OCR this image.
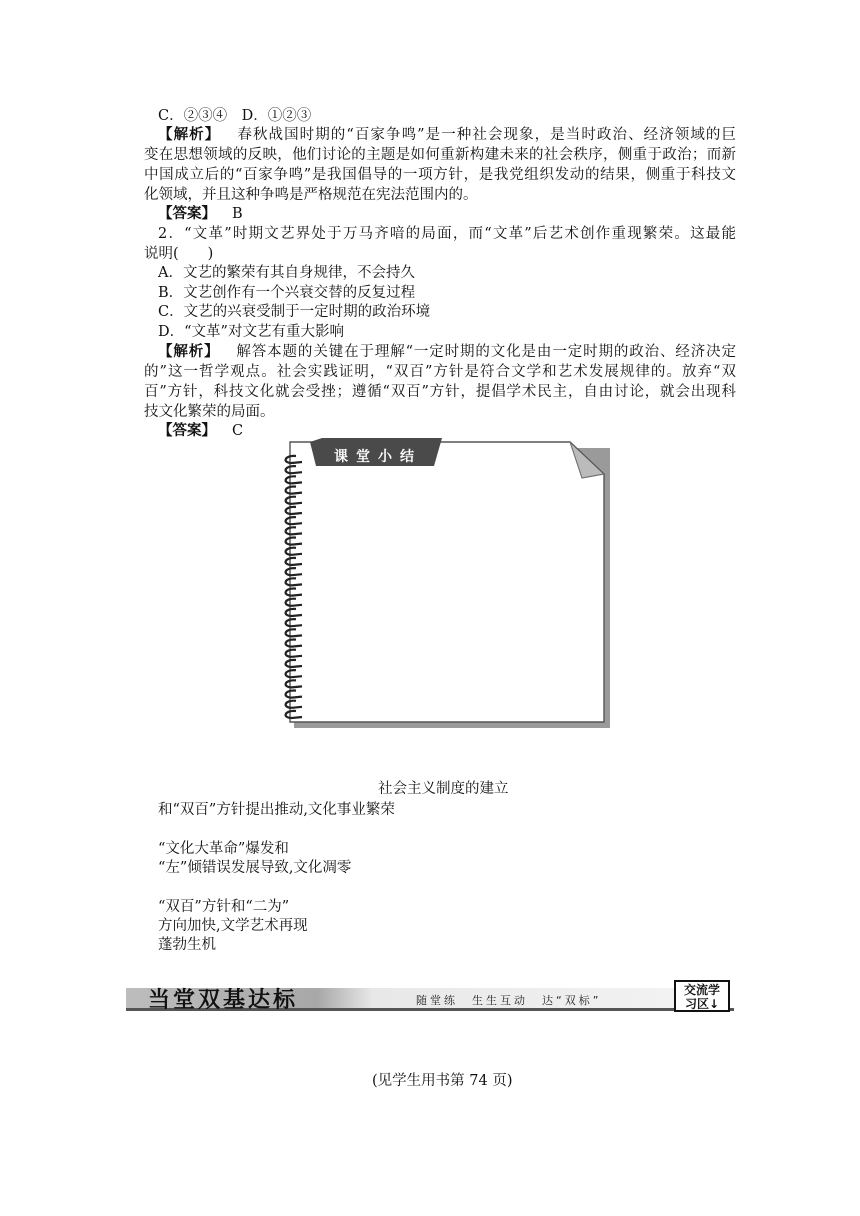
C．②③④　D．①②③
【解析】 春秋战国时期的“百家争鸣”是一种社会现象，是当时政治、经济领域的巨
变在思想领域的反映，他们讨论的主题是如何重新构建未来的社会秩序，侧重于政治；而新
中国成立后的“百家争鸣”是我国倡导的一项方针，是我党组织发动的结果，侧重于科技文
化领域，并且这种争鸣是严格规范在宪法范围内的。
【答案】 B
2．“文革”时期文艺界处于万马齐喑的局面，而“文革”后艺术创作重现繁荣。这最能
说明(　　)
A．文艺的繁荣有其自身规律，不会持久
B．文艺创作有一个兴衰交替的反复过程
C．文艺的兴衰受制于一定时期的政治环境
D．“文革”对文艺有重大影响
【解析】 解答本题的关键在于理解“一定时期的文化是由一定时期的政治、经济决定
的”这一哲学观点。社会实践证明，“双百”方针是符合文学和艺术发展规律的。放弃“双
百”方针，科技文化就会受挫；遵循“双百”方针，提倡学术民主，自由讨论，就会出现科
技文化繁荣的局面。
【答案】 C
课堂小结
社会主义制度的建立
和“双百”方针提出推动,文化事业繁荣
“文化大革命”爆发和
“左”倾错误发展导致,文化凋零
“双百”方针和“二为”
方向加快,文学艺术再现
蓬勃生机
当堂双基达标	随堂练　生生互动　达“双标”
交流学
习区↓
(见学生用书第 74 页)
